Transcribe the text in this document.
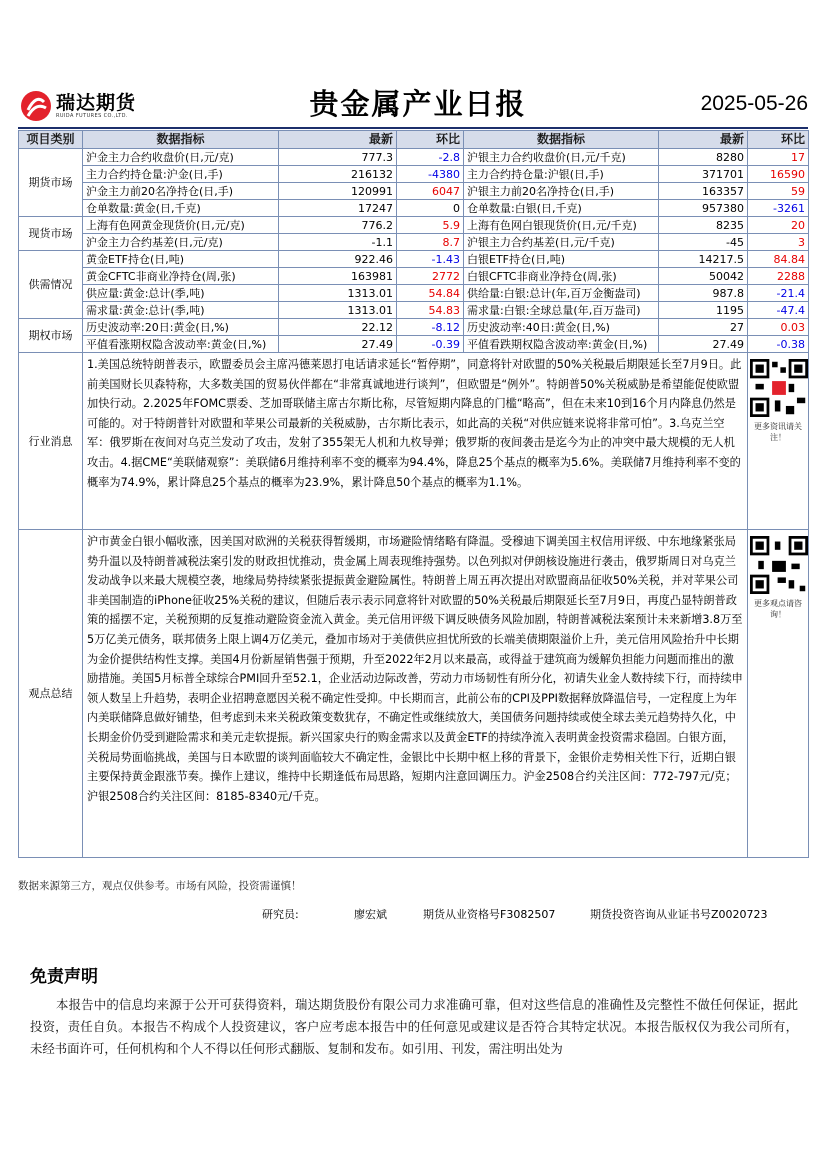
瑞达期货
RUIDA FUTURES CO.,LTD.	贵金属产业日报	2025-05-26
项目类别	数据指标	最新	环比	数据指标	最新	环比
期货市场	沪金主力合约收盘价(日,元/克)	777.3	-2.8	沪银主力合约收盘价(日,元/千克)	8280	17
	主力合约持仓量:沪金(日,手)	216132	-4380	主力合约持仓量:沪银(日,手)	371701	16590
	沪金主力前20名净持仓(日,手)	120991	6047	沪银主力前20名净持仓(日,手)	163357	59
	仓单数量:黄金(日,千克)	17247	0	仓单数量:白银(日,千克)	957380	-3261
现货市场	上海有色网黄金现货价(日,元/克)	776.2	5.9	上海有色网白银现货价(日,元/千克)	8235	20
	沪金主力合约基差(日,元/克)	-1.1	8.7	沪银主力合约基差(日,元/千克)	-45	3
供需情况	黄金ETF持仓(日,吨)	922.46	-1.43	白银ETF持仓(日,吨)	14217.5	84.84
	黄金CFTC非商业净持仓(周,张)	163981	2772	白银CFTC非商业净持仓(周,张)	50042	2288
	供应量:黄金:总计(季,吨)	1313.01	54.84	供给量:白银:总计(年,百万金衡盎司)	987.8	-21.4
	需求量:黄金:总计(季,吨)	1313.01	54.83	需求量:白银:全球总量(年,百万盎司)	1195	-47.4
期权市场	历史波动率:20日:黄金(日,%)	22.12	-8.12	历史波动率:40日:黄金(日,%)	27	0.03
	平值看涨期权隐含波动率:黄金(日,%)	27.49	-0.39	平值看跌期权隐含波动率:黄金(日,%)	27.49	-0.38
行业消息	1.美国总统特朗普表示，欧盟委员会主席冯德莱恩打电话请求延长“暂停期”，同意将针对欧盟的50%关税最后期限延长至7月9日。此前美国财长贝森特称，大多数美国的贸易伙伴都在“非常真诚地进行谈判”，但欧盟是“例外”。特朗普50%关税威胁是希望能促使欧盟加快行动。2.2025年FOMC票委、芝加哥联储主席古尔斯比称，尽管短期内降息的门槛“略高”，但在未来10到16个月内降息仍然是可能的。对于特朗普针对欧盟和苹果公司最新的关税威胁，古尔斯比表示，如此高的关税“对供应链来说将非常可怕”。3.乌克兰空军：俄罗斯在夜间对乌克兰发动了攻击，发射了355架无人机和九枚导弹；俄罗斯的夜间袭击是迄今为止的冲突中最大规模的无人机攻击。4.据CME“美联储观察”：美联储6月维持利率不变的概率为94.4%，降息25个基点的概率为5.6%。美联储7月维持利率不变的概率为74.9%，累计降息25个基点的概率为23.9%，累计降息50个基点的概率为1.1%。					更多资讯请关注！

观点总结	沪市黄金白银小幅收涨，因美国对欧洲的关税获得暂缓期，市场避险情绪略有降温。受穆迪下调美国主权信用评级、中东地缘紧张局势升温以及特朗普减税法案引发的财政担忧推动，贵金属上周表现维持强势。以色列拟对伊朗核设施进行袭击，俄罗斯周日对乌克兰发动战争以来最大规模空袭，地缘局势持续紧张提振黄金避险属性。特朗普上周五再次提出对欧盟商品征收50%关税，并对苹果公司非美国制造的iPhone征收25%关税的建议，但随后表示表示同意将针对欧盟的50%关税最后期限延长至7月9日，再度凸显特朗普政策的摇摆不定，关税预期的反复推动避险资金流入黄金。美元信用评级下调反映债务风险加剧，特朗普减税法案预计未来新增3.8万至5万亿美元债务，联邦债务上限上调4万亿美元，叠加市场对于美债供应担忧所致的长端美债期限溢价上升，美元信用风险抬升中长期为金价提供结构性支撑。美国4月份新屋销售强于预期，升至2022年2月以来最高，或得益于建筑商为缓解负担能力问题而推出的激励措施。美国5月标普全球综合PMI回升至52.1，企业活动边际改善，劳动力市场韧性有所分化，初请失业金人数持续下行，而持续申领人数呈上升趋势，表明企业招聘意愿因关税不确定性受抑。中长期而言，此前公布的CPI及PPI数据释放降温信号，一定程度上为年内美联储降息做好铺垫，但考虑到未来关税政策变数犹存，不确定性或继续放大，美国债务问题持续或使全球去美元趋势持久化，中长期金价仍受到避险需求和美元走软提振。新兴国家央行的购金需求以及黄金ETF的持续净流入表明黄金投资需求稳固。白银方面，关税局势面临挑战，美国与日本欧盟的谈判面临较大不确定性，金银比中长期中枢上移的背景下，金银价走势相关性下行，近期白银主要保持黄金跟涨节奏。操作上建议，维持中长期逢低布局思路，短期内注意回调压力。沪金2508合约关注区间：772-797元/克；沪银2508合约关注区间：8185-8340元/千克。					更多观点请咨询！
数据来源第三方，观点仅供参考。市场有风险，投资需谨慎！
研究员:	廖宏斌	期货从业资格号F3082507	期货投资咨询从业证书号Z0020723
免责声明
本报告中的信息均来源于公开可获得资料，瑞达期货股份有限公司力求准确可靠，但对这些信息的准确性及完整性不做任何保证，据此投资，责任自负。本报告不构成个人投资建议，客户应考虑本报告中的任何意见或建议是否符合其特定状况。本报告版权仅为我公司所有，未经书面许可，任何机构和个人不得以任何形式翻版、复制和发布。如引用、刊发，需注明出处为
